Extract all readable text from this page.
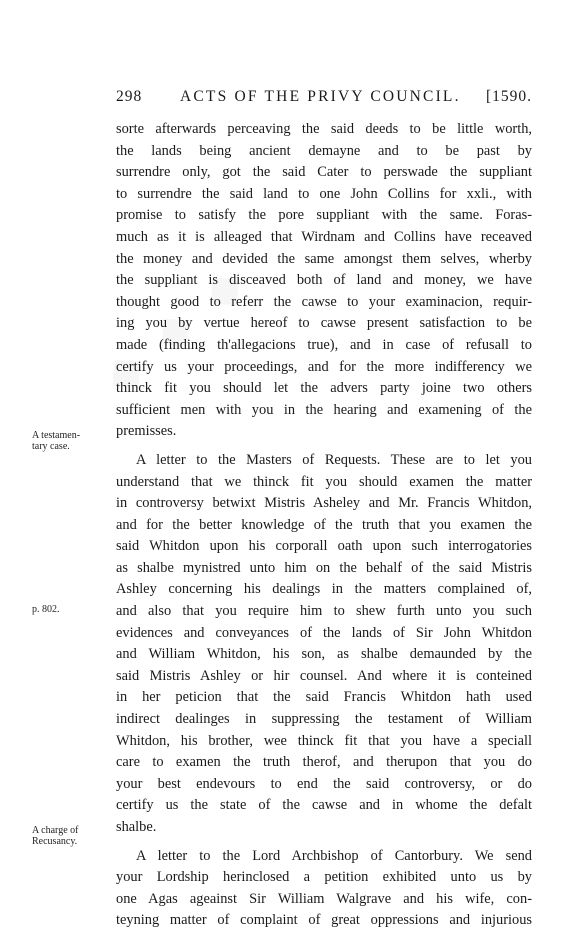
298 ACTS OF THE PRIVY COUNCIL. [1590.
A testamen-
tary case.
p. 802.
A charge of
Recusancy.
sorte afterwards perceaving the said deeds to be little worth,
the lands being ancient demayne and to be past by
surrendre only, got the said Cater to perswade the suppliant
to surrendre the said land to one John Collins for xxli., with
promise to satisfy the pore suppliant with the same. Foras-
much as it is alleaged that Wirdnam and Collins have receaved
the money and devided the same amongst them selves, wherby
the suppliant is disceaved both of land and money, we have
thought good to referr the cawse to your examinacion, requir-
ing you by vertue hereof to cawse present satisfaction to be
made (finding th'allegacions true), and in case of refusall to
certify us your proceedings, and for the more indifferency we
thinck fit you should let the advers party joine two others
sufficient men with you in the hearing and examening of the
premisses.
A letter to the Masters of Requests. These are to let you
understand that we thinck fit you should examen the matter
in controversy betwixt Mistris Asheley and Mr. Francis Whitdon,
and for the better knowledge of the truth that you examen the
said Whitdon upon his corporall oath upon such interrogatories
as shalbe mynistred unto him on the behalf of the said Mistris
Ashley concerning his dealings in the matters complained of,
and also that you require him to shew furth unto you such
evidences and conveyances of the lands of Sir John Whitdon
and William Whitdon, his son, as shalbe demaunded by the
said Mistris Ashley or hir counsel. And where it is conteined
in her peticion that the said Francis Whitdon hath used
indirect dealinges in suppressing the testament of William
Whitdon, his brother, wee thinck fit that you have a speciall
care to examen the truth therof, and therupon that you do
your best endevours to end the said controversy, or do
certify us the state of the cawse and in whome the defalt
shalbe.
A letter to the Lord Archbishop of Cantorbury. We send
your Lordship herinclosed a petition exhibited unto us by
one Agas ageainst Sir William Walgrave and his wife, con-
teyning matter of complaint of great oppressions and injurious
